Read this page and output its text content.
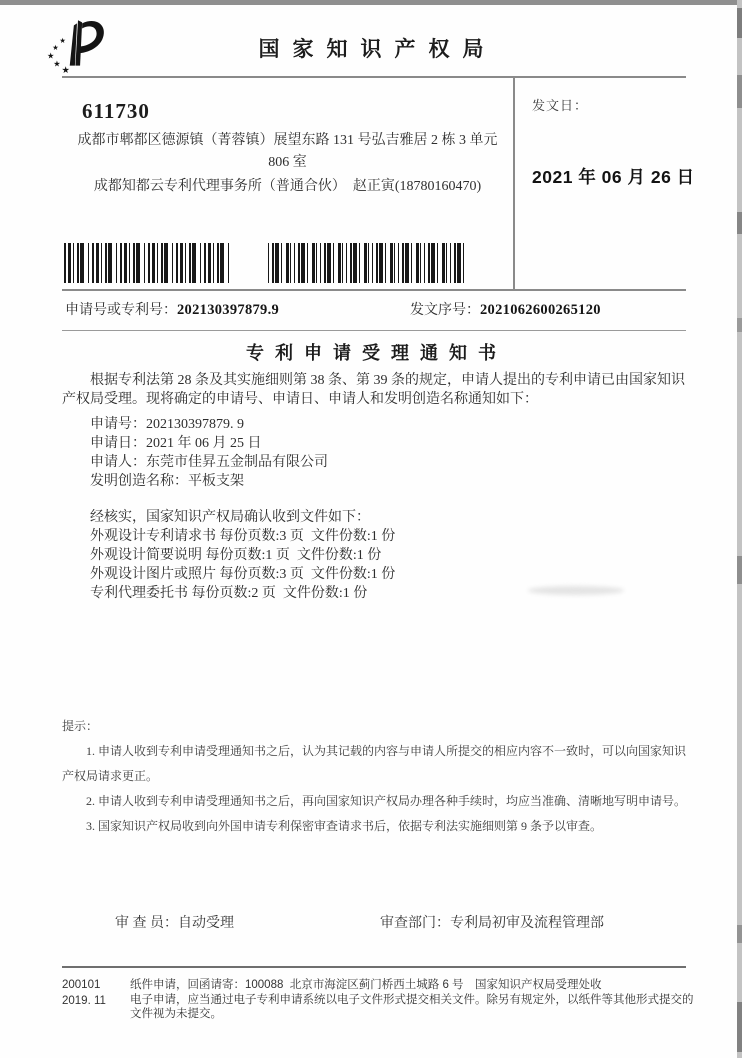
★
★
★
★
★
国家知识产权局
611730
成都市郫都区德源镇（菁蓉镇）展望东路 131 号弘吉雅居 2 栋 3 单元
806 室
成都知都云专利代理事务所（普通合伙）  赵正寅(18780160470)
发文日：
2021 年 06 月 26 日
申请号或专利号：202130397879.9	发文序号：2021062600265120
专利申请受理通知书

根据专利法第 28 条及其实施细则第 38 条、第 39 条的规定，申请人提出的专利申请已由国家知识产权局受理。现将确定的申请号、申请日、申请人和发明创造名称通知如下：

申请号：202130397879. 9

申请日：2021 年 06 月 25 日

申请人：东莞市佳昇五金制品有限公司

发明创造名称：平板支架

经核实，国家知识产权局确认收到文件如下：

外观设计专利请求书 每份页数:3 页  文件份数:1 份

外观设计简要说明 每份页数:1 页  文件份数:1 份

外观设计图片或照片 每份页数:3 页  文件份数:1 份

专利代理委托书 每份页数:2 页  文件份数:1 份

提示：

1. 申请人收到专利申请受理通知书之后，认为其记载的内容与申请人所提交的相应内容不一致时，可以向国家知识产权局请求更正。

2. 申请人收到专利申请受理通知书之后，再向国家知识产权局办理各种手续时，均应当准确、清晰地写明申请号。

3. 国家知识产权局收到向外国申请专利保密审查请求书后，依据专利法实施细则第 9 条予以审查。

审 查 员：自动受理	审查部门：专利局初审及流程管理部
200101
2019. 11

纸件申请，回函请寄：100088  北京市海淀区蓟门桥西土城路 6 号　国家知识产权局受理处收

电子申请，应当通过电子专利申请系统以电子文件形式提交相关文件。除另有规定外，以纸件等其他形式提交的文件视为未提交。
